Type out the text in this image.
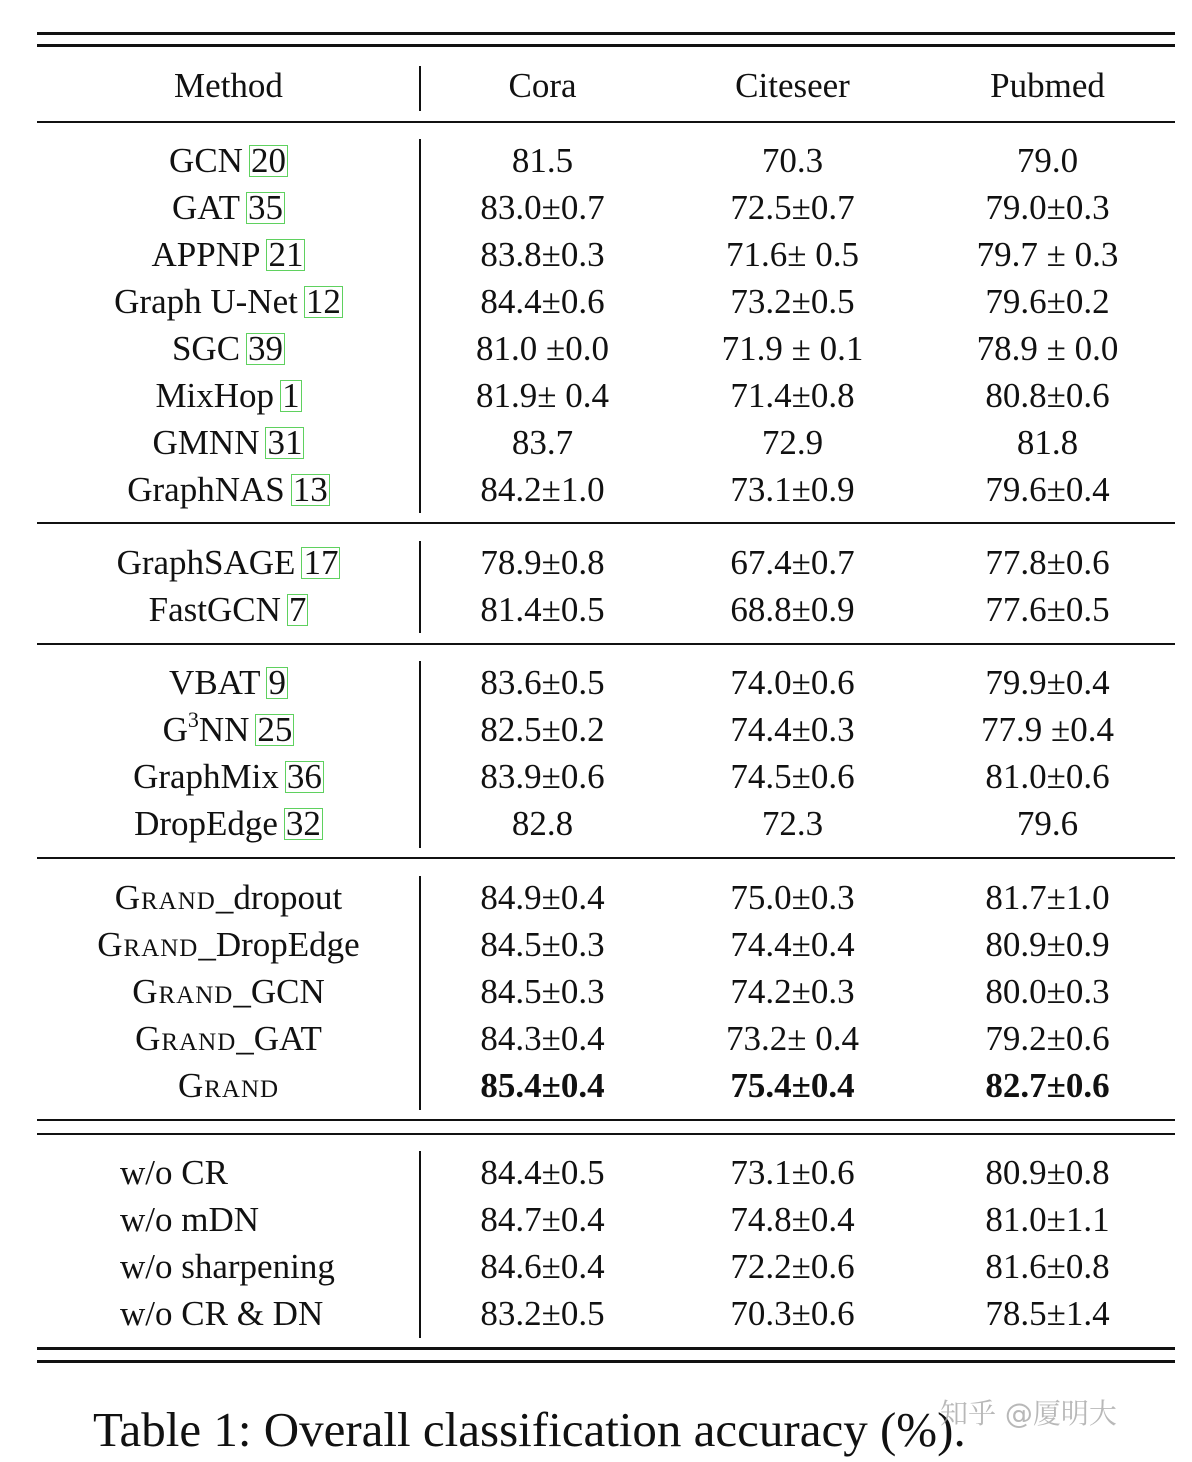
Method	Cora	Citeseer	Pubmed
GCN 20	81.5	70.3	79.0
GAT 35	83.0±0.7	72.5±0.7	79.0±0.3
APPNP 21	83.8±0.3	71.6± 0.5	79.7 ± 0.3
Graph U-Net 12	84.4±0.6	73.2±0.5	79.6±0.2
SGC 39	81.0 ±0.0	71.9 ± 0.1	78.9 ± 0.0
MixHop 1	81.9± 0.4	71.4±0.8	80.8±0.6
GMNN 31	83.7	72.9	81.8
GraphNAS 13	84.2±1.0	73.1±0.9	79.6±0.4
GraphSAGE 17	78.9±0.8	67.4±0.7	77.8±0.6
FastGCN 7	81.4±0.5	68.8±0.9	77.6±0.5
VBAT 9	83.6±0.5	74.0±0.6	79.9±0.4
$G^3NN$ 25	82.5±0.2	74.4±0.3	77.9 ±0.4
GraphMix 36	83.9±0.6	74.5±0.6	81.0±0.6
DropEdge 32	82.8	72.3	79.6
Grand_dropout	84.9±0.4	75.0±0.3	81.7±1.0
Grand_DropEdge	84.5±0.3	74.4±0.4	80.9±0.9
Grand_GCN	84.5±0.3	74.2±0.3	80.0±0.3
Grand_GAT	84.3±0.4	73.2± 0.4	79.2±0.6
Grand	85.4±0.4	75.4±0.4	82.7±0.6
w/o CR	84.4±0.5	73.1±0.6	80.9±0.8
w/o mDN	84.7±0.4	74.8±0.4	81.0±1.1
w/o sharpening	84.6±0.4	72.2±0.6	81.6±0.8
w/o CR & DN	83.2±0.5	70.3±0.6	78.5±1.4
Table 1: Overall classification accuracy (%).
知乎 @厦明大
